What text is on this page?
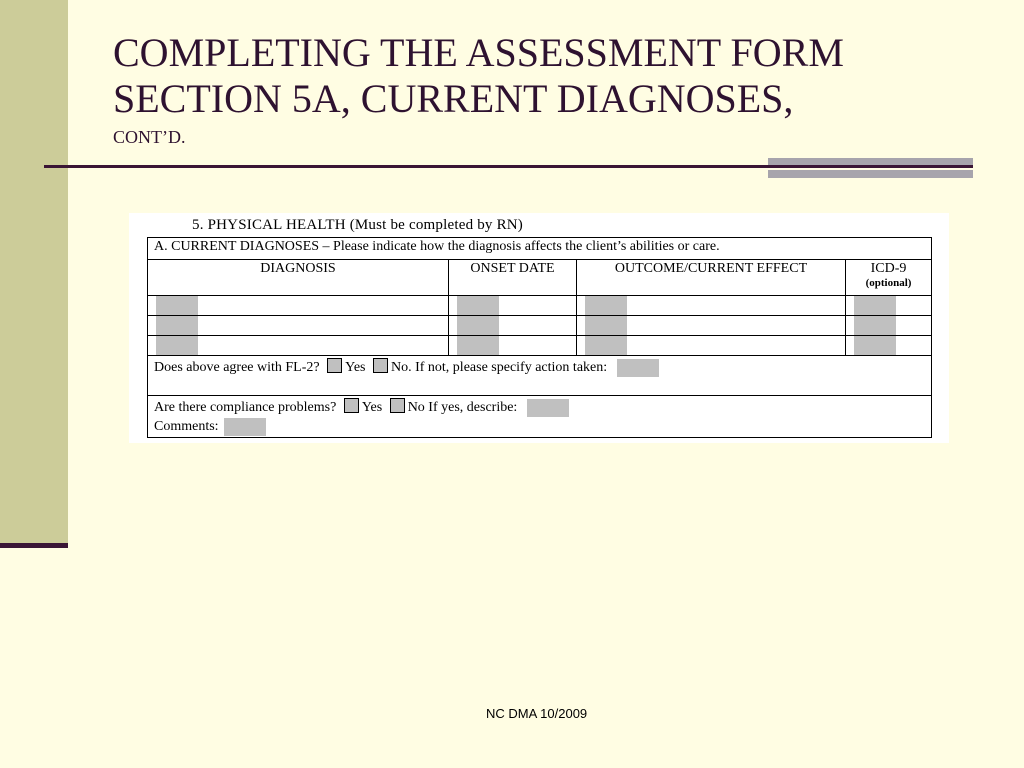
COMPLETING THE ASSESSMENT FORM
SECTION 5A, CURRENT DIAGNOSES,
CONT’D.
5. PHYSICAL HEALTH (Must be completed by RN)
A. CURRENT DIAGNOSES – Please indicate how the diagnosis affects the client’s abilities or care.			

DIAGNOSIS	ONSET DATE	OUTCOME/CURRENT EFFECT	ICD-9
(optional)

Does above agree with FL-2? Yes No. If not, please specify action taken:			

Are there compliance problems? Yes No If yes, describe:
Comments:			
NC DMA 10/2009
